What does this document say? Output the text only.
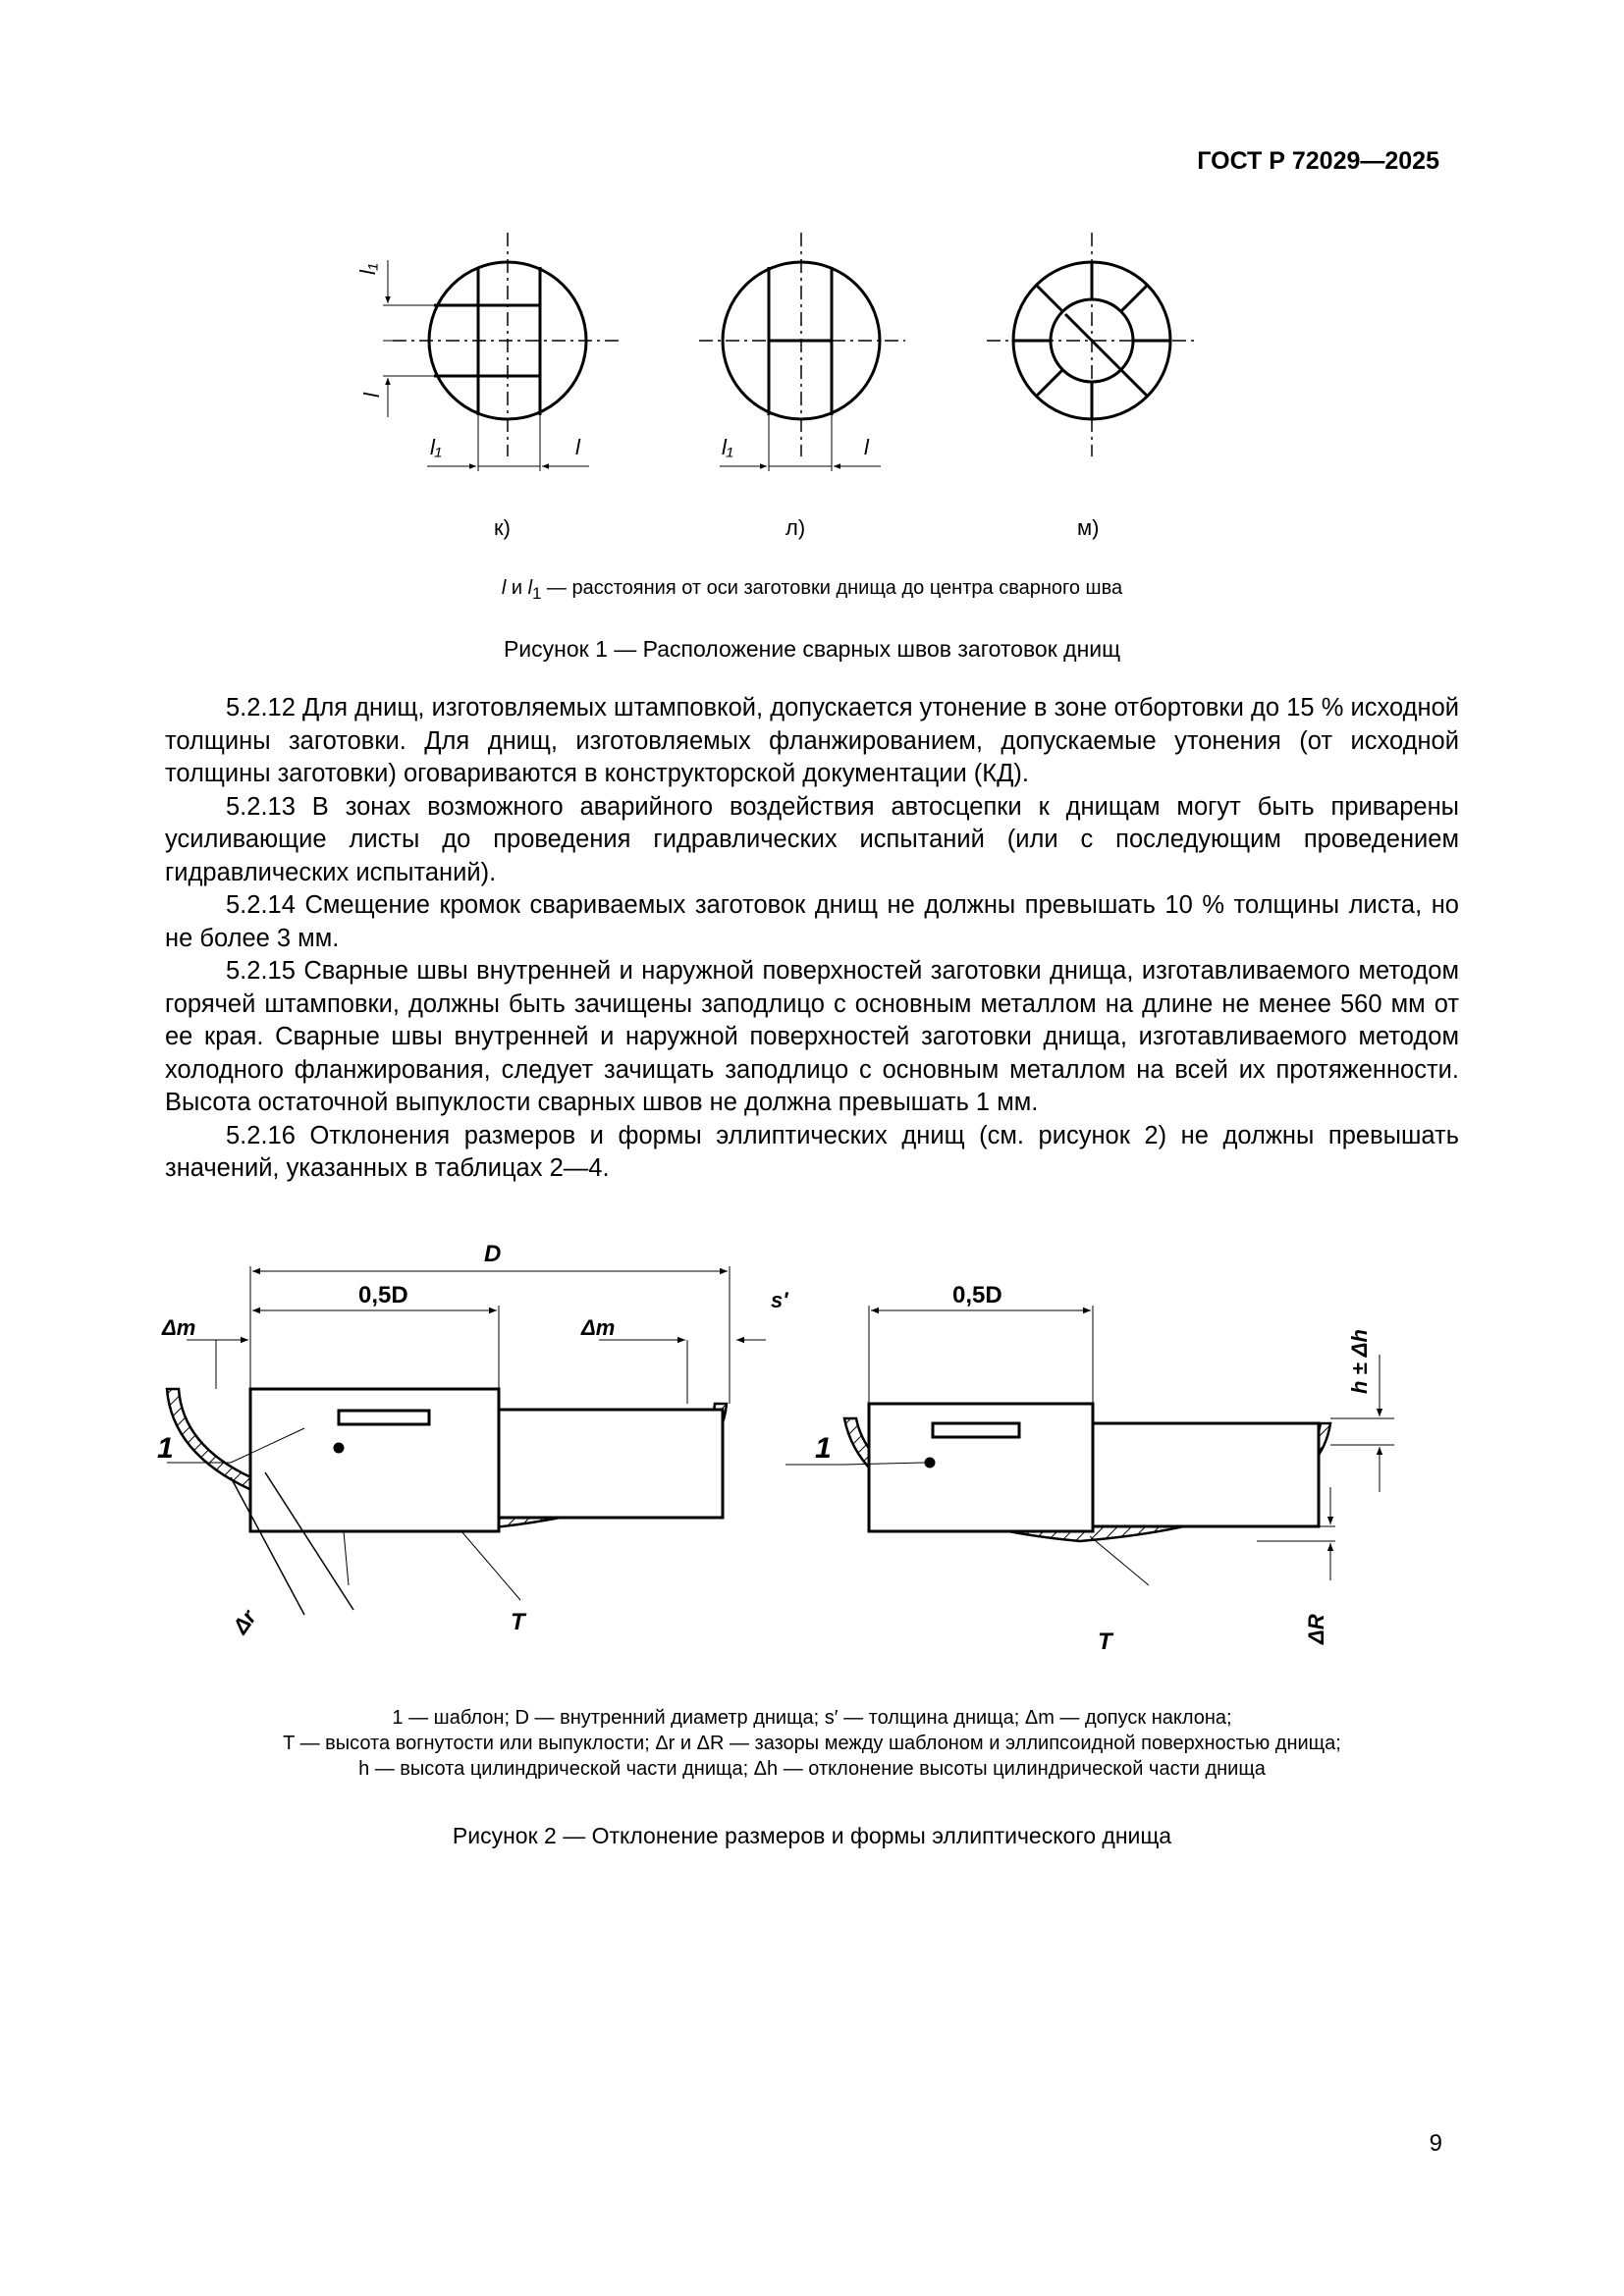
ГОСТ Р 72029—2025
l₁
l
l₁	l	l₁	l
к)	л)	м)
l и $l_1$ — расстояния от оси заготовки днища до центра сварного шва
Рисунок 1 — Расположение сварных швов заготовок днищ

5.2.12 Для днищ, изготовляемых штамповкой, допускается утонение в зоне отбортовки до 15 % исходной толщины заготовки. Для днищ, изготовляемых фланжированием, допускаемые утонения (от исходной толщины заготовки) оговариваются в конструкторской документации (КД).

5.2.13 В зонах возможного аварийного воздействия автосцепки к днищам могут быть приварены усиливающие листы до проведения гидравлических испытаний (или с последующим проведением гидравлических испытаний).

5.2.14 Смещение кромок свариваемых заготовок днищ не должны превышать 10 % толщины листа, но не более 3 мм.

5.2.15 Сварные швы внутренней и наружной поверхностей заготовки днища, изготавливаемого методом горячей штамповки, должны быть зачищены заподлицо с основным металлом на длине не менее 560 мм от ее края. Сварные швы внутренней и наружной поверхностей заготовки днища, изготавливаемого методом холодного фланжирования, следует зачищать заподлицо с основным металлом на всей их протяженности. Высота остаточной выпуклости сварных швов не должна превышать 1 мм.

5.2.16 Отклонения размеров и формы эллиптических днищ (см. рисунок 2) не должны превышать значений, указанных в таблицах 2—4.

D
0,5D
Δm	Δm
s′
1
Δr	T
0,5D
h ± Δh
ΔR
1
T
1 — шаблон; D — внутренний диаметр днища; s′ — толщина днища; Δm — допуск наклона;
T — высота вогнутости или выпуклости; Δr и ΔR — зазоры между шаблоном и эллипсоидной поверхностью днища;
h — высота цилиндрической части днища; Δh — отклонение высоты цилиндрической части днища
Рисунок 2 — Отклонение размеров и формы эллиптического днища
9
